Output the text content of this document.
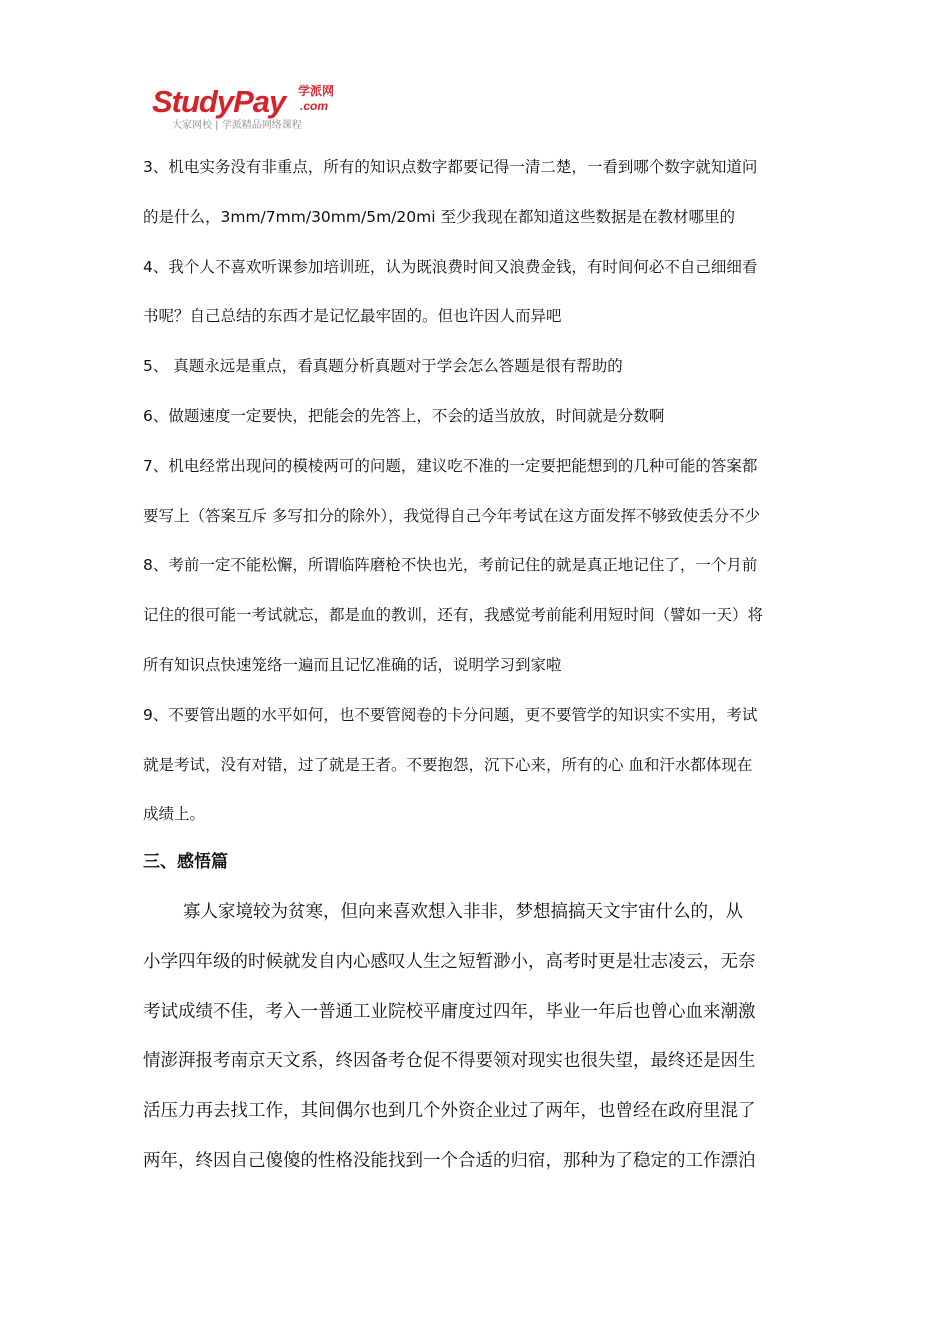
StudyPay 学派网
.com
大家网校 | 学派精品网络课程
3、机电实务没有非重点，所有的知识点数字都要记得一清二楚，一看到哪个数字就知道问
的是什么，3mm/7mm/30mm/5m/20mi 至少我现在都知道这些数据是在教材哪里的
4、我个人不喜欢听课参加培训班，认为既浪费时间又浪费金钱，有时间何必不自己细细看
书呢？自己总结的东西才是记忆最牢固的。但也许因人而异吧
5、 真题永远是重点，看真题分析真题对于学会怎么答题是很有帮助的
6、做题速度一定要快，把能会的先答上，不会的适当放放，时间就是分数啊
7、机电经常出现问的模棱两可的问题，建议吃不准的一定要把能想到的几种可能的答案都
要写上（答案互斥 多写扣分的除外），我觉得自己今年考试在这方面发挥不够致使丢分不少
8、考前一定不能松懈，所谓临阵磨枪不快也光，考前记住的就是真正地记住了，一个月前
记住的很可能一考试就忘，都是血的教训，还有，我感觉考前能利用短时间（譬如一天）将
所有知识点快速笼络一遍而且记忆准确的话，说明学习到家啦
9、不要管出题的水平如何，也不要管阅卷的卡分问题，更不要管学的知识实不实用，考试
就是考试，没有对错，过了就是王者。不要抱怨，沉下心来，所有的心 血和汗水都体现在
成绩上。
三、感悟篇
寡人家境较为贫寒，但向来喜欢想入非非，梦想搞搞天文宇宙什么的，从
小学四年级的时候就发自内心感叹人生之短暂渺小，高考时更是壮志凌云，无奈
考试成绩不佳，考入一普通工业院校平庸度过四年，毕业一年后也曾心血来潮激
情澎湃报考南京天文系，终因备考仓促不得要领对现实也很失望，最终还是因生
活压力再去找工作，其间偶尔也到几个外资企业过了两年，也曾经在政府里混了
两年，终因自己傻傻的性格没能找到一个合适的归宿，那种为了稳定的工作漂泊
